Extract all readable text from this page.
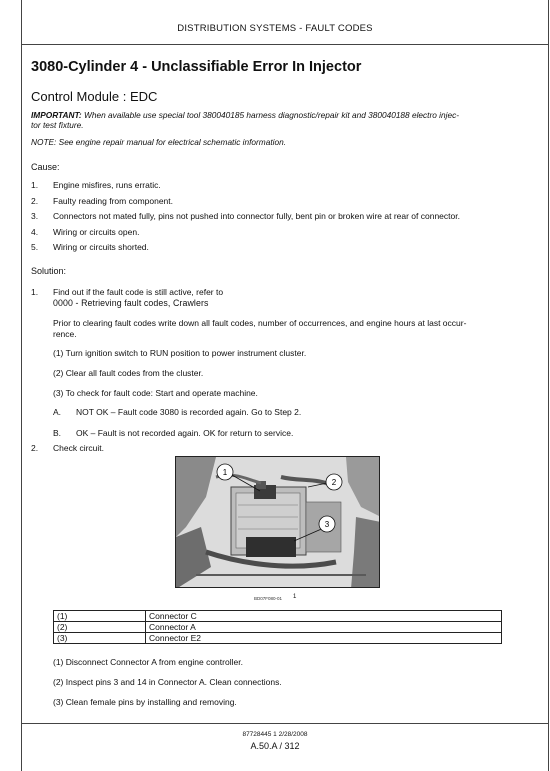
DISTRIBUTION SYSTEMS - FAULT CODES
3080-Cylinder 4 - Unclassifiable Error In Injector
Control Module : EDC
IMPORTANT: When available use special tool 380040185 harness diagnostic/repair kit and 380040188 electro injec-
tor test fixture.
NOTE: See engine repair manual for electrical schematic information.
Cause:
1. Engine misfires, runs erratic.
2. Faulty reading from component.
3. Connectors not mated fully, pins not pushed into connector fully, bent pin or broken wire at rear of connector.
4. Wiring or circuits open.
5. Wiring or circuits shorted.
Solution:
1. Find out if the fault code is still active, refer to
0000 - Retrieving fault codes, Crawlers
Prior to clearing fault codes write down all fault codes, number of occurrences, and engine hours at last occur-
rence.
(1) Turn ignition switch to RUN position to power instrument cluster.
(2) Clear all fault codes from the cluster.
(3) To check for fault code: Start and operate machine.
A. NOT OK – Fault code 3080 is recorded again. Go to Step 2.
B. OK – Fault is not recorded again. OK for return to service.
2. Check circuit.
1
2
3
BD07F080-01 1
(1)	Connector C
(2)	Connector A
(3)	Connector E2
(1) Disconnect Connector A from engine controller.
(2) Inspect pins 3 and 14 in Connector A. Clean connections.
(3) Clean female pins by installing and removing.
87728445 1 2/28/2008
A.50.A / 312
